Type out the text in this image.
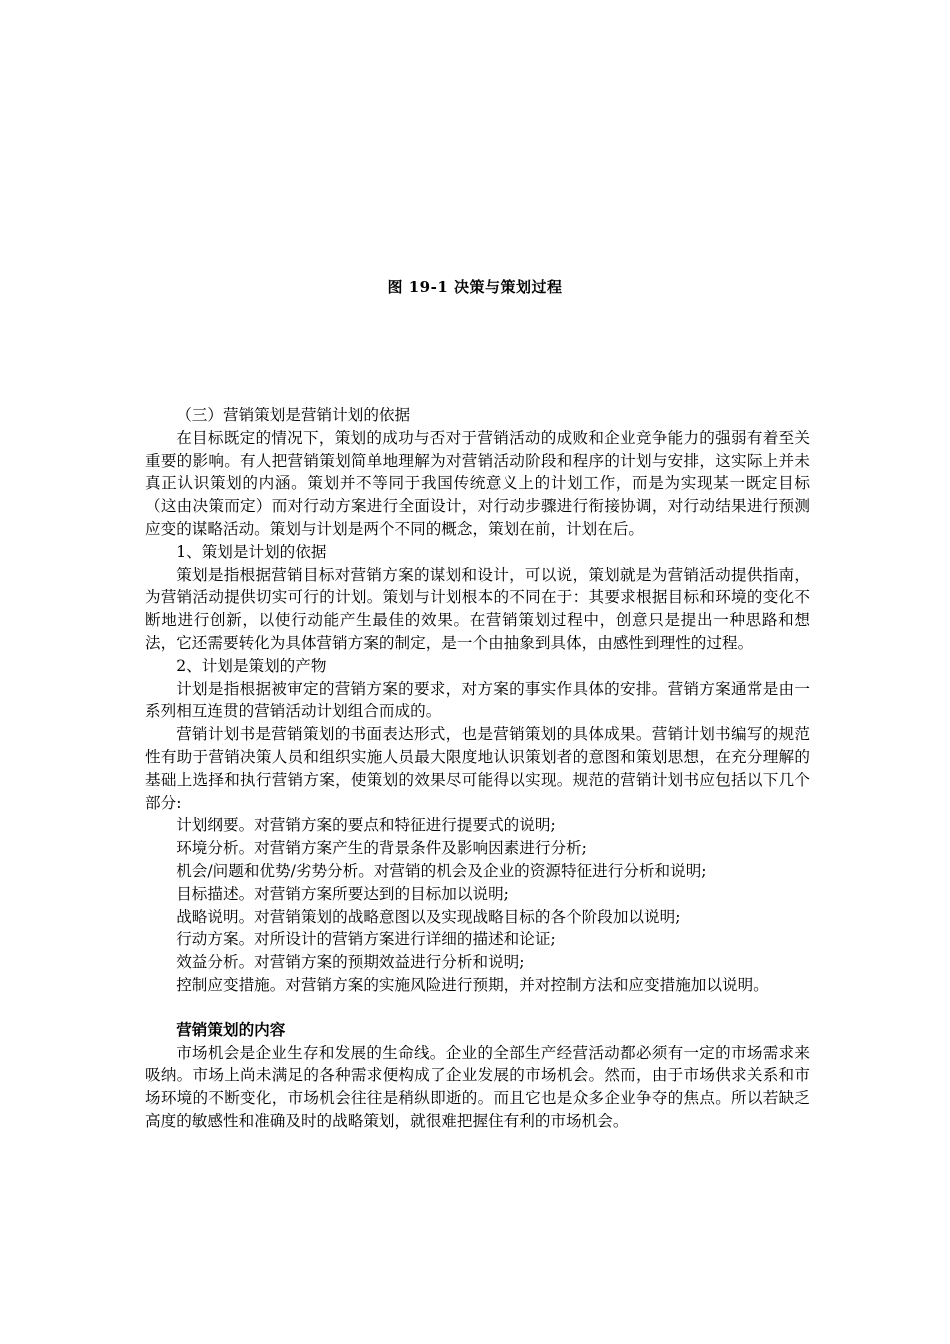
图 19-1 决策与策划过程

（三）营销策划是营销计划的依据

在目标既定的情况下，策划的成功与否对于营销活动的成败和企业竞争能力的强弱有着至关重要的影响。有人把营销策划简单地理解为对营销活动阶段和程序的计划与安排，这实际上并未真正认识策划的内涵。策划并不等同于我国传统意义上的计划工作，而是为实现某一既定目标（这由决策而定）而对行动方案进行全面设计，对行动步骤进行衔接协调，对行动结果进行预测应变的谋略活动。策划与计划是两个不同的概念，策划在前，计划在后。

1、策划是计划的依据

策划是指根据营销目标对营销方案的谋划和设计，可以说，策划就是为营销活动提供指南，为营销活动提供切实可行的计划。策划与计划根本的不同在于：其要求根据目标和环境的变化不断地进行创新，以使行动能产生最佳的效果。在营销策划过程中，创意只是提出一种思路和想法，它还需要转化为具体营销方案的制定，是一个由抽象到具体，由感性到理性的过程。

2、计划是策划的产物

计划是指根据被审定的营销方案的要求，对方案的事实作具体的安排。营销方案通常是由一系列相互连贯的营销活动计划组合而成的。

营销计划书是营销策划的书面表达形式，也是营销策划的具体成果。营销计划书编写的规范性有助于营销决策人员和组织实施人员最大限度地认识策划者的意图和策划思想，在充分理解的基础上选择和执行营销方案，使策划的效果尽可能得以实现。规范的营销计划书应包括以下几个部分:

计划纲要。对营销方案的要点和特征进行提要式的说明;

环境分析。对营销方案产生的背景条件及影响因素进行分析;

机会/问题和优势/劣势分析。对营销的机会及企业的资源特征进行分析和说明;

目标描述。对营销方案所要达到的目标加以说明;

战略说明。对营销策划的战略意图以及实现战略目标的各个阶段加以说明;

行动方案。对所设计的营销方案进行详细的描述和论证;

效益分析。对营销方案的预期效益进行分析和说明;

控制应变措施。对营销方案的实施风险进行预期，并对控制方法和应变措施加以说明。

营销策划的内容

市场机会是企业生存和发展的生命线。企业的全部生产经营活动都必须有一定的市场需求来吸纳。市场上尚未满足的各种需求便构成了企业发展的市场机会。然而，由于市场供求关系和市场环境的不断变化，市场机会往往是稍纵即逝的。而且它也是众多企业争夺的焦点。所以若缺乏高度的敏感性和准确及时的战略策划，就很难把握住有利的市场机会。
